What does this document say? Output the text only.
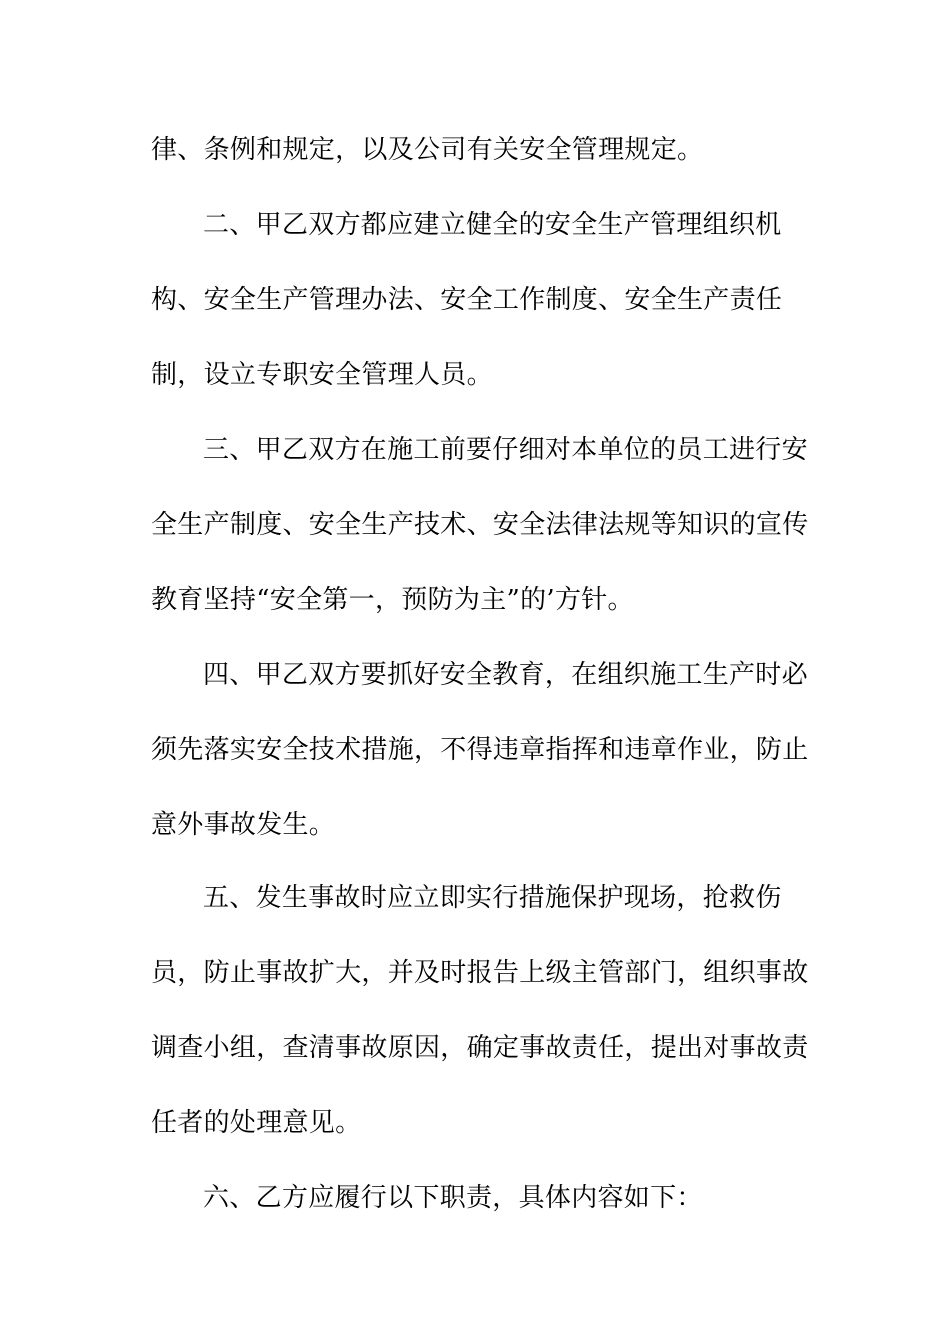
律、条例和规定，以及公司有关安全管理规定。

二、甲乙双方都应建立健全的安全生产管理组织机

构、安全生产管理办法、安全工作制度、安全生产责任

制，设立专职安全管理人员。

三、甲乙双方在施工前要仔细对本单位的员工进行安

全生产制度、安全生产技术、安全法律法规等知识的宣传

教育坚持“安全第一，预防为主”的’方针。

四、甲乙双方要抓好安全教育，在组织施工生产时必

须先落实安全技术措施，不得违章指挥和违章作业，防止

意外事故发生。

五、发生事故时应立即实行措施保护现场，抢救伤

员，防止事故扩大，并及时报告上级主管部门，组织事故

调查小组，查清事故原因，确定事故责任，提出对事故责

任者的处理意见。

六、乙方应履行以下职责，具体内容如下：
